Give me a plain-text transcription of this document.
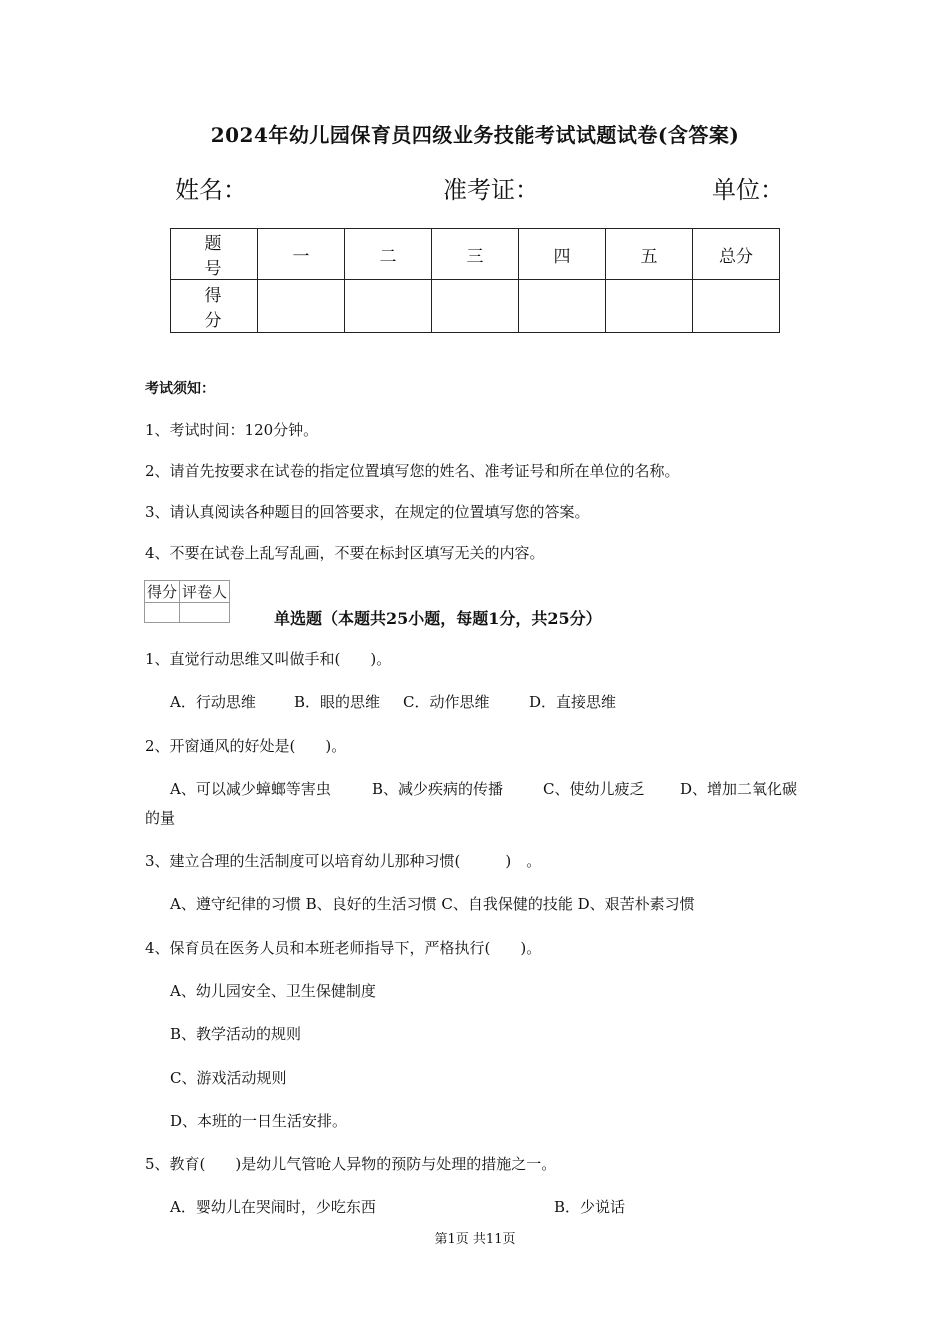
2024年幼儿园保育员四级业务技能考试试题试卷(含答案)
姓名：	准考证：	单位：
题 号	一	二	三	四	五	总分
得 分						
考试须知：
1、考试时间：120分钟。
2、请首先按要求在试卷的指定位置填写您的姓名、准考证号和所在单位的名称。
3、请认真阅读各种题目的回答要求，在规定的位置填写您的答案。
4、不要在试卷上乱写乱画，不要在标封区填写无关的内容。
得分	评卷人

单选题（本题共25小题，每题1分，共25分）
1、直觉行动思维又叫做手和(　　)。
A．行动思维	B．眼的思维 C．动作思维	D．直接思维
2、开窗通风的好处是(　　)。
A、可以减少蟑螂等害虫	B、减少疾病的传播	C、使幼儿疲乏 D、增加二氧化碳
的量
3、建立合理的生活制度可以培育幼儿那种习惯(　　　)　。
A、遵守纪律的习惯 B、良好的生活习惯 C、自我保健的技能 D、艰苦朴素习惯
4、保育员在医务人员和本班老师指导下，严格执行(　　)。
A、幼儿园安全、卫生保健制度
B、教学活动的规则
C、游戏活动规则
D、本班的一日生活安排。
5、教育(　　)是幼儿气管呛人异物的预防与处理的措施之一。
A．婴幼儿在哭闹时，少吃东西	B．少说话
第1页 共11页
